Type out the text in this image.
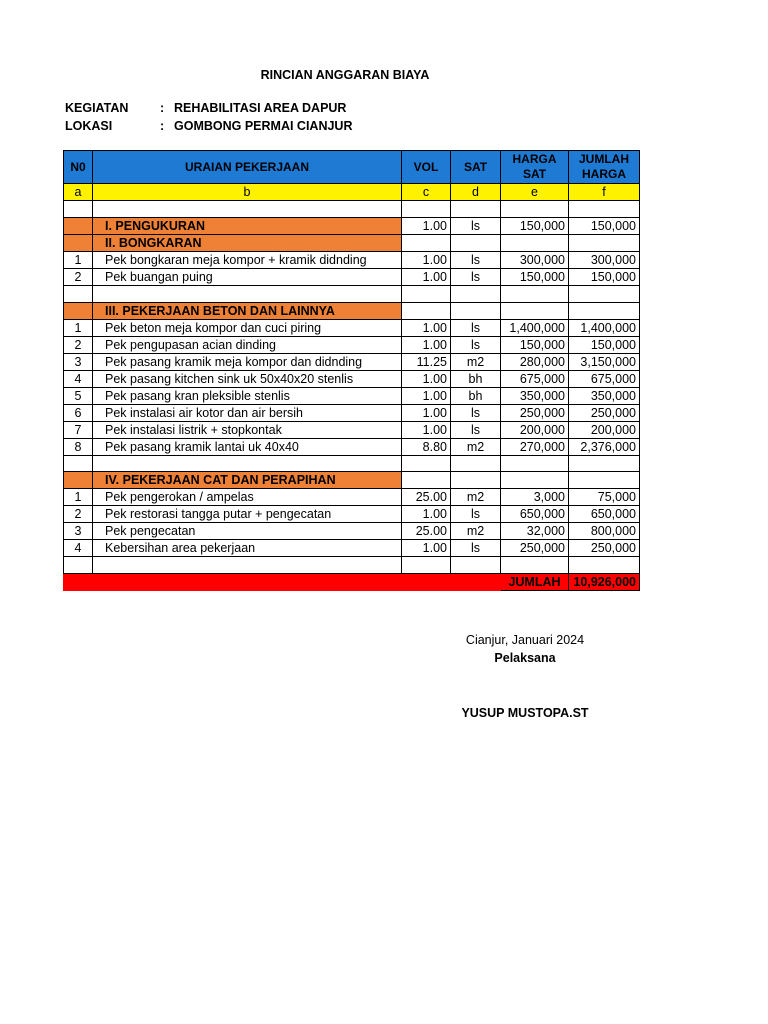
RINCIAN ANGGARAN BIAYA
KEGIATAN	: REHABILITASI AREA DAPUR
LOKASI	: GOMBONG PERMAI CIANJUR
N0	URAIAN PEKERJAAN	VOL	SAT	HARGA SAT	JUMLAH HARGA
a	b	c	d	e	f

	I. PENGUKURAN	1.00	ls	150,000	150,000
	II. BONGKARAN				
1	Pek bongkaran meja kompor + kramik didnding	1.00	ls	300,000	300,000
2	Pek buangan puing	1.00	ls	150,000	150,000

	III. PEKERJAAN BETON DAN LAINNYA				
1	Pek beton meja kompor dan cuci piring	1.00	ls	1,400,000	1,400,000
2	Pek pengupasan acian dinding	1.00	ls	150,000	150,000
3	Pek pasang kramik meja kompor dan didnding	11.25	m2	280,000	3,150,000
4	Pek pasang kitchen sink uk 50x40x20 stenlis	1.00	bh	675,000	675,000
5	Pek pasang kran pleksible stenlis	1.00	bh	350,000	350,000
6	Pek instalasi air kotor dan air bersih	1.00	ls	250,000	250,000
7	Pek instalasi listrik + stopkontak	1.00	ls	200,000	200,000
8	Pek pasang kramik lantai uk 40x40	8.80	m2	270,000	2,376,000

	IV. PEKERJAAN CAT DAN PERAPIHAN				
1	Pek pengerokan / ampelas	25.00	m2	3,000	75,000
2	Pek restorasi tangga putar + pengecatan	1.00	ls	650,000	650,000
3	Pek pengecatan	25.00	m2	32,000	800,000
4	Kebersihan area pekerjaan	1.00	ls	250,000	250,000

				JUMLAH	10,926,000
Cianjur, Januari 2024
Pelaksana
YUSUP MUSTOPA.ST
